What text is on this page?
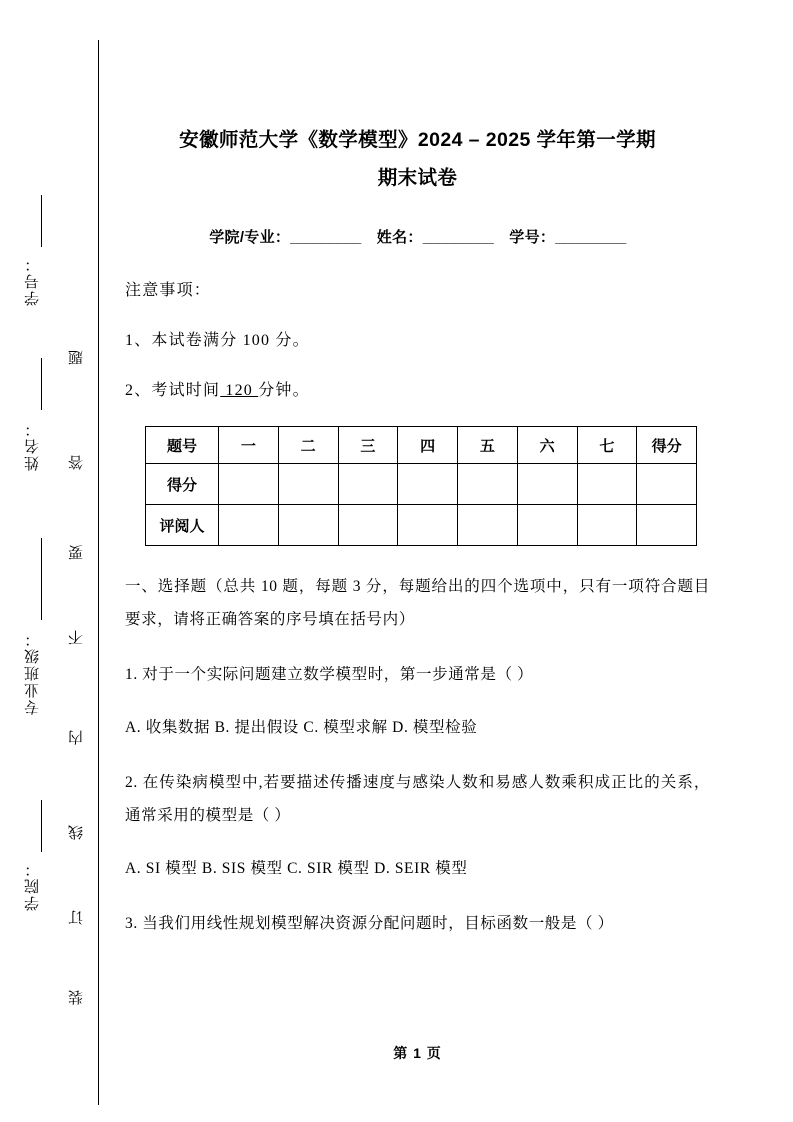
学号：
姓名：
专业班级：
学院：
题
答
要
不
内
线
订
装
安徽师范大学《数学模型》2024 – 2025 学年第一学期
期末试卷
学院/专业：_________ 姓名：_________ 学号：_________
注意事项：
1、本试卷满分 100 分。
2、考试时间 120 分钟。
题号	一	二	三	四	五	六	七	得分
得分								
评阅人								
一、选择题（总共 10 题，每题 3 分，每题给出的四个选项中，只有一项符合题目要求，请将正确答案的序号填在括号内）
1. 对于一个实际问题建立数学模型时，第一步通常是（ ）
A. 收集数据 B. 提出假设 C. 模型求解 D. 模型检验
2. 在传染病模型中,若要描述传播速度与感染人数和易感人数乘积成正比的关系，通常采用的模型是（ ）
A. SI 模型 B. SIS 模型 C. SIR 模型 D. SEIR 模型
3. 当我们用线性规划模型解决资源分配问题时，目标函数一般是（ ）
第 1 页
